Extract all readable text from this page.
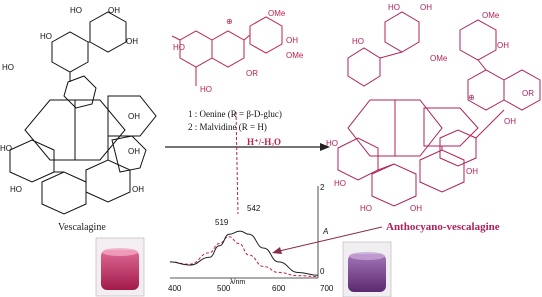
HO	OH
HO
OH
HO
OH
HO	OH
HO	OH
HO
HO
OMe
OH
OMe
OR
⊕
HO	OH
HO
OMe
OMe
OH
OR
OH
⊕
HO
HO
HO	OH
OH
Vescalagine	Anthocyano-vescalagine
1 : Oenine (R = β-D-gluc)
2 : Malvidine (R = H)
H⁺/-H₂O
519
542
A
2
0
400	500	600	700
λ/nm
